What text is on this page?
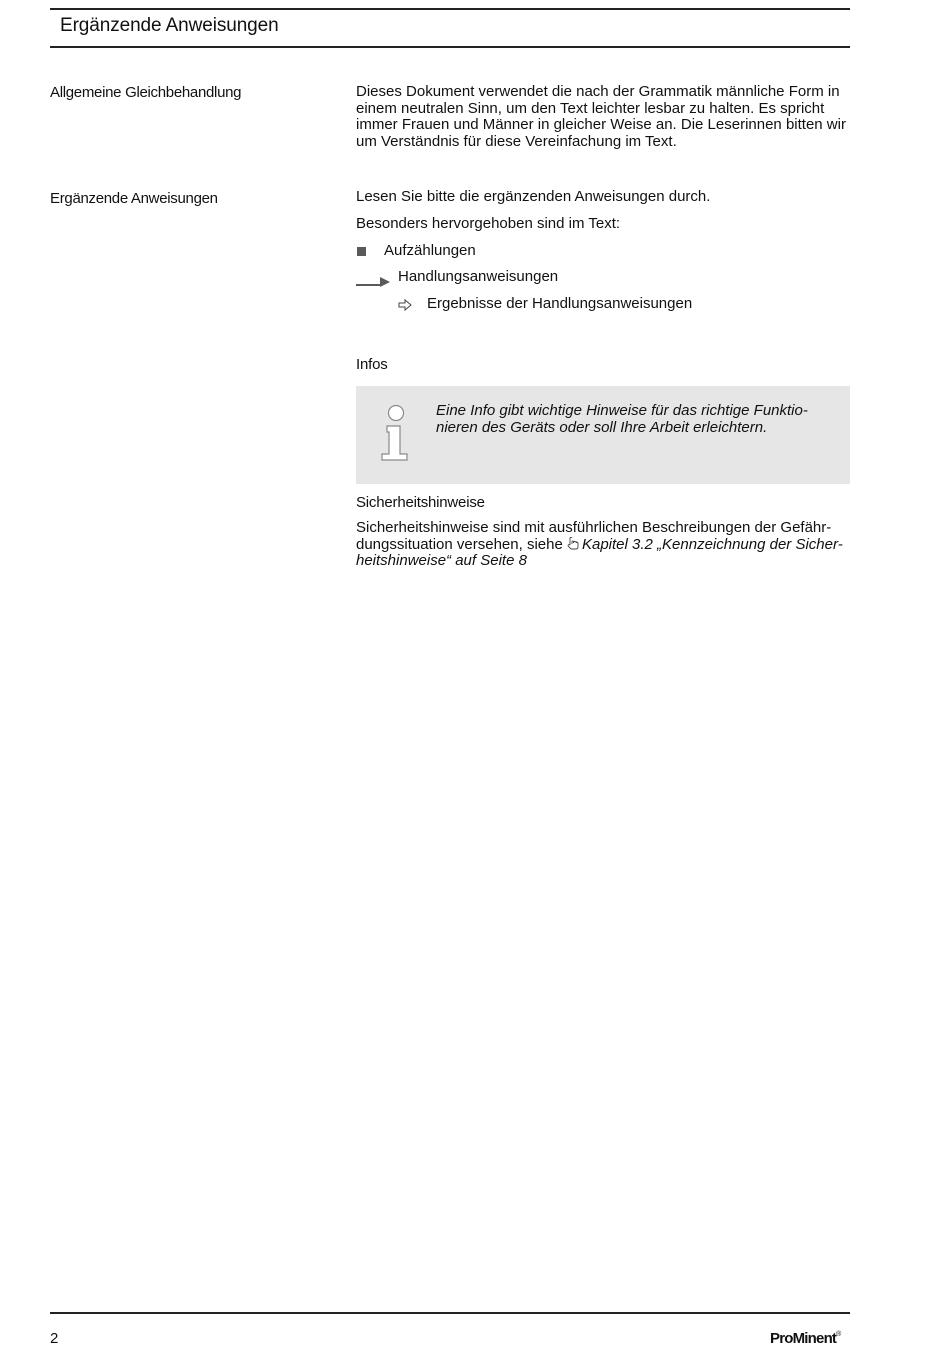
Ergänzende Anweisungen
Allgemeine Gleichbehandlung	Dieses Dokument verwendet die nach der Grammatik männliche Form in
einem neutralen Sinn, um den Text leichter lesbar zu halten. Es spricht
immer Frauen und Männer in gleicher Weise an. Die Leserinnen bitten wir
um Verständnis für diese Vereinfachung im Text.
Ergänzende Anweisungen	Lesen Sie bitte die ergänzenden Anweisungen durch.
Besonders hervorgehoben sind im Text:
Aufzählungen
Handlungsanweisungen
Ergebnisse der Handlungsanweisungen
Infos
Eine Info gibt wichtige Hinweise für das richtige Funktio-
nieren des Geräts oder soll Ihre Arbeit erleichtern.
Sicherheitshinweise
Sicherheitshinweise sind mit ausführlichen Beschreibungen der Gefähr-
dungssituation versehen, siehe Kapitel 3.2 „Kennzeichnung der Sicher-
heitshinweise“ auf Seite 8
2	ProMinent®
